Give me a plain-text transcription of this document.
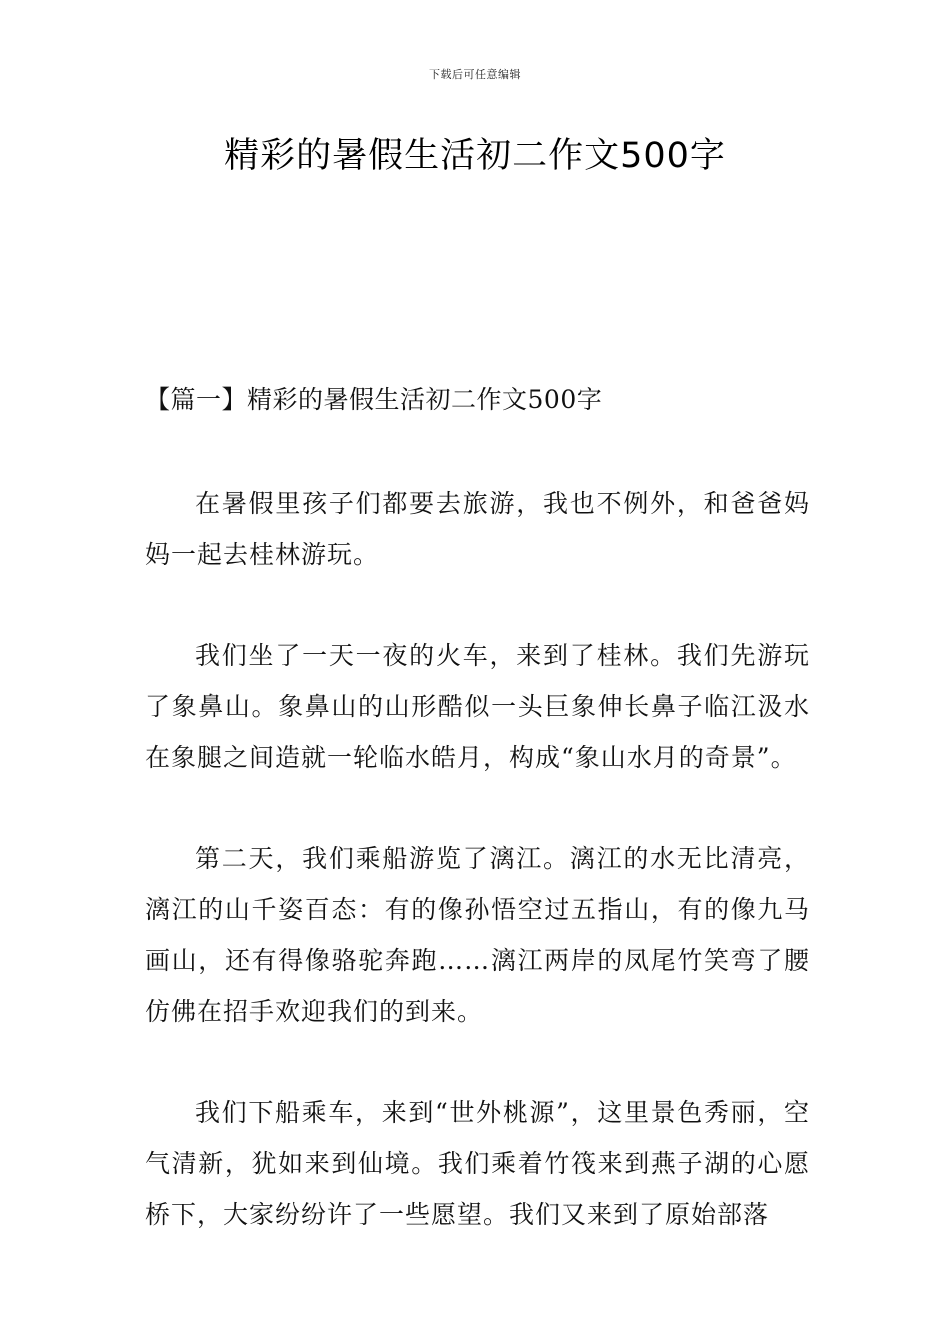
下载后可任意编辑
精彩的暑假生活初二作文500字
【篇一】精彩的暑假生活初二作文500字

在暑假里孩子们都要去旅游，我也不例外，和爸爸妈妈一起去桂林游玩。

我们坐了一天一夜的火车，来到了桂林。我们先游玩了象鼻山。象鼻山的山形酷似一头巨象伸长鼻子临江汲水在象腿之间造就一轮临水皓月，构成“象山水月的奇景”。

第二天，我们乘船游览了漓江。漓江的水无比清亮，漓江的山千姿百态：有的像孙悟空过五指山，有的像九马画山，还有得像骆驼奔跑……漓江两岸的凤尾竹笑弯了腰仿佛在招手欢迎我们的到来。

我们下船乘车，来到“世外桃源”，这里景色秀丽，空气清新，犹如来到仙境。我们乘着竹筏来到燕子湖的心愿桥下，大家纷纷许了一些愿望。我们又来到了原始部落
